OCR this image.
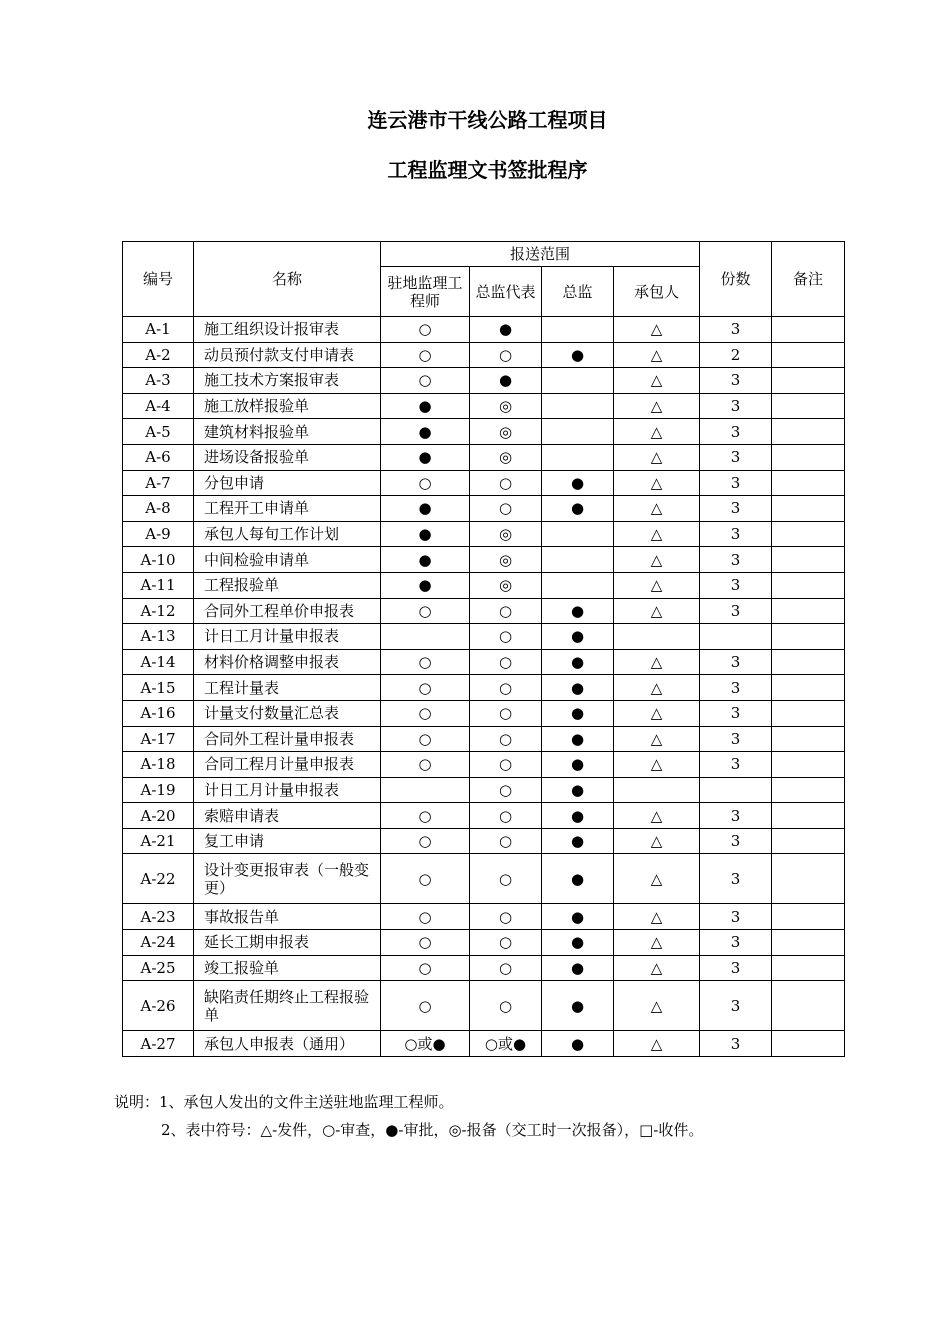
连云港市干线公路工程项目
工程监理文书签批程序
编号	名称	报送范围				份数	备注
		驻地监理工程师	总监代表	总监	承包人		
A-1	施工组织设计报审表	○	●		△	3	
A-2	动员预付款支付申请表	○	○	●	△	2	
A-3	施工技术方案报审表	○	●		△	3	
A-4	施工放样报验单	●	◎		△	3	
A-5	建筑材料报验单	●	◎		△	3	
A-6	进场设备报验单	●	◎		△	3	
A-7	分包申请	○	○	●	△	3	
A-8	工程开工申请单	●	○	●	△	3	
A-9	承包人每旬工作计划	●	◎		△	3	
A-10	中间检验申请单	●	◎		△	3	
A-11	工程报验单	●	◎		△	3	
A-12	合同外工程单价申报表	○	○	●	△	3	
A-13	计日工月计量申报表		○	●			
A-14	材料价格调整申报表	○	○	●	△	3	
A-15	工程计量表	○	○	●	△	3	
A-16	计量支付数量汇总表	○	○	●	△	3	
A-17	合同外工程计量申报表	○	○	●	△	3	
A-18	合同工程月计量申报表	○	○	●	△	3	
A-19	计日工月计量申报表		○	●			
A-20	索赔申请表	○	○	●	△	3	
A-21	复工申请	○	○	●	△	3	
A-22	设计变更报审表（一般变更）	○	○	●	△	3	
A-23	事故报告单	○	○	●	△	3	
A-24	延长工期申报表	○	○	●	△	3	
A-25	竣工报验单	○	○	●	△	3	
A-26	缺陷责任期终止工程报验单	○	○	●	△	3	
A-27	承包人申报表（通用）	○或●	○或●	●	△	3	
说明：1、承包人发出的文件主送驻地监理工程师。
2、表中符号：△-发件，○-审查，●-审批，◎-报备（交工时一次报备），□-收件。
